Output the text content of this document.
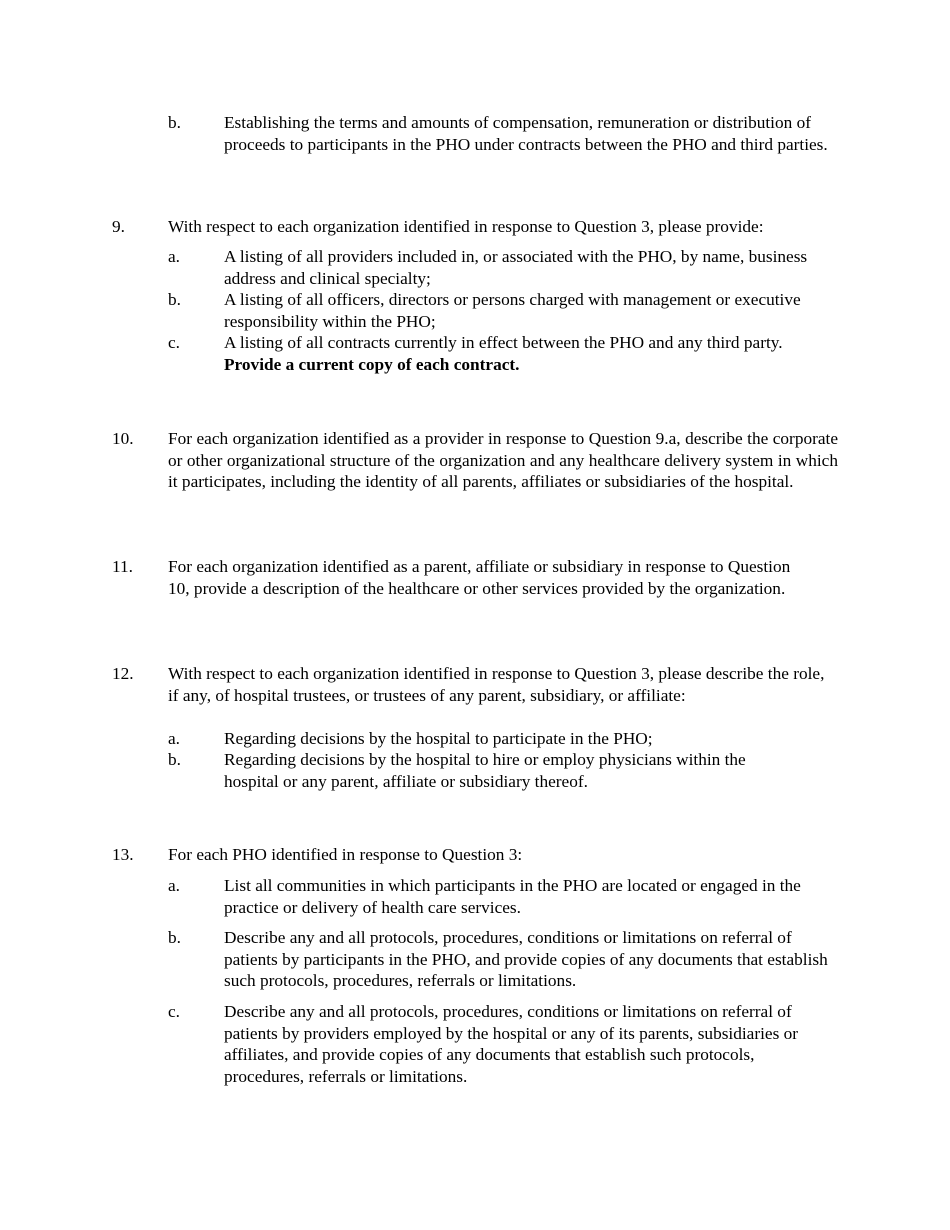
b. Establishing the terms and amounts of compensation, remuneration or distribution of proceeds to participants in the PHO under contracts between the PHO and third parties.
9. With respect to each organization identified in response to Question 3, please provide:
a.	A listing of all providers included in, or associated with the PHO, by name, business address and clinical specialty;
b. A listing of all officers, directors or persons charged with management or executive responsibility within the PHO;
c.	A listing of all contracts currently in effect between the PHO and any third party.
Provide a current copy of each contract.
10. For each organization identified as a provider in response to Question 9.a, describe the corporate or other organizational structure of the organization and any healthcare delivery system in which it participates, including the identity of all parents, affiliates or subsidiaries of the hospital.
11. For each organization identified as a parent, affiliate or subsidiary in response to Question 10, provide a description of the healthcare or other services provided by the organization.
12. With respect to each organization identified in response to Question 3, please describe the role, if any, of hospital trustees, or trustees of any parent, subsidiary, or affiliate:
a.	Regarding decisions by the hospital to participate in the PHO;
b. Regarding decisions by the hospital to hire or employ physicians within the hospital or any parent, affiliate or subsidiary thereof.
13. For each PHO identified in response to Question 3:
a.	List all communities in which participants in the PHO are located or engaged in the practice or delivery of health care services.
b. Describe any and all protocols, procedures, conditions or limitations on referral of patients by participants in the PHO, and provide copies of any documents that establish such protocols, procedures, referrals or limitations.
c.	Describe any and all protocols, procedures, conditions or limitations on referral of patients by providers employed by the hospital or any of its parents, subsidiaries or affiliates, and provide copies of any documents that establish such protocols, procedures, referrals or limitations.
